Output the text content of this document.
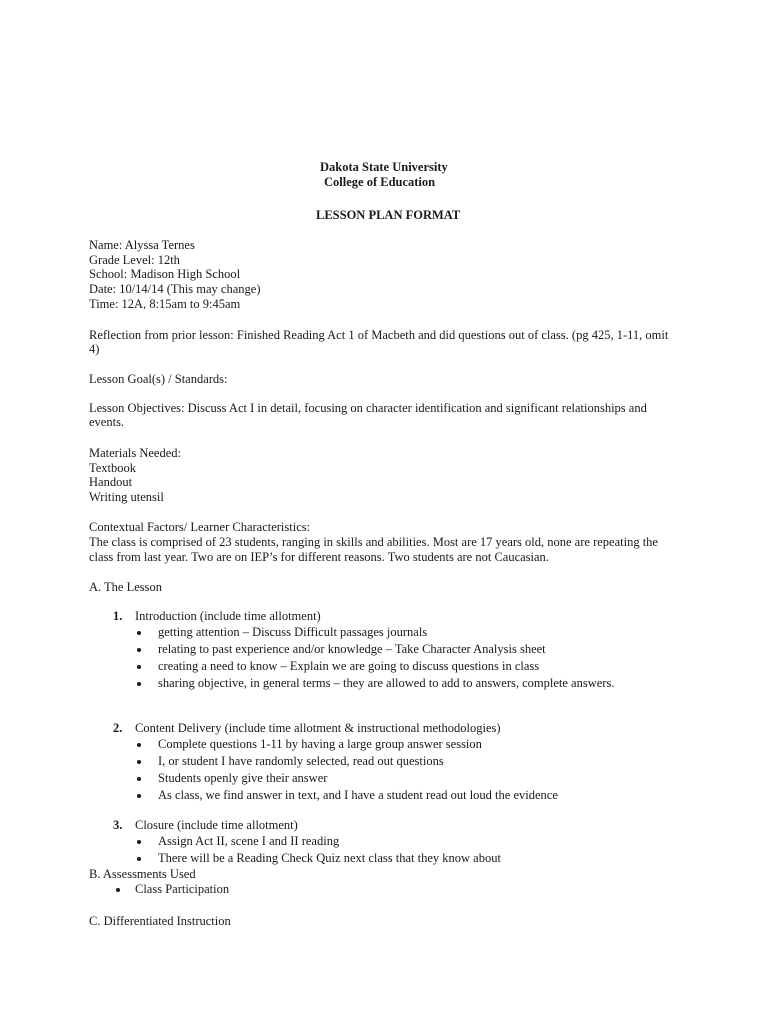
Dakota State University
College of Education
LESSON PLAN FORMAT
Name: Alyssa Ternes
Grade Level: 12th
School: Madison High School
Date: 10/14/14 (This may change)
Time: 12A, 8:15am to 9:45am
Reflection from prior lesson: Finished Reading Act 1 of Macbeth and did questions out of class. (pg 425, 1-11, omit
4)
Lesson Goal(s) / Standards:
Lesson Objectives: Discuss Act I in detail, focusing on character identification and significant relationships and
events.
Materials Needed:
Textbook
Handout
Writing utensil
Contextual Factors/ Learner Characteristics:
The class is comprised of 23 students, ranging in skills and abilities. Most are 17 years old, none are repeating the
class from last year. Two are on IEP’s for different reasons. Two students are not Caucasian.
A. The Lesson
1. Introduction (include time allotment)
getting attention – Discuss Difficult passages journals
relating to past experience and/or knowledge – Take Character Analysis sheet
creating a need to know – Explain we are going to discuss questions in class
sharing objective, in general terms – they are allowed to add to answers, complete answers.
2. Content Delivery (include time allotment & instructional methodologies)
Complete questions 1-11 by having a large group answer session
I, or student I have randomly selected, read out questions
Students openly give their answer
As class, we find answer in text, and I have a student read out loud the evidence
3. Closure (include time allotment)
Assign Act II, scene I and II reading
There will be a Reading Check Quiz next class that they know about
B. Assessments Used
Class Participation
C. Differentiated Instruction
